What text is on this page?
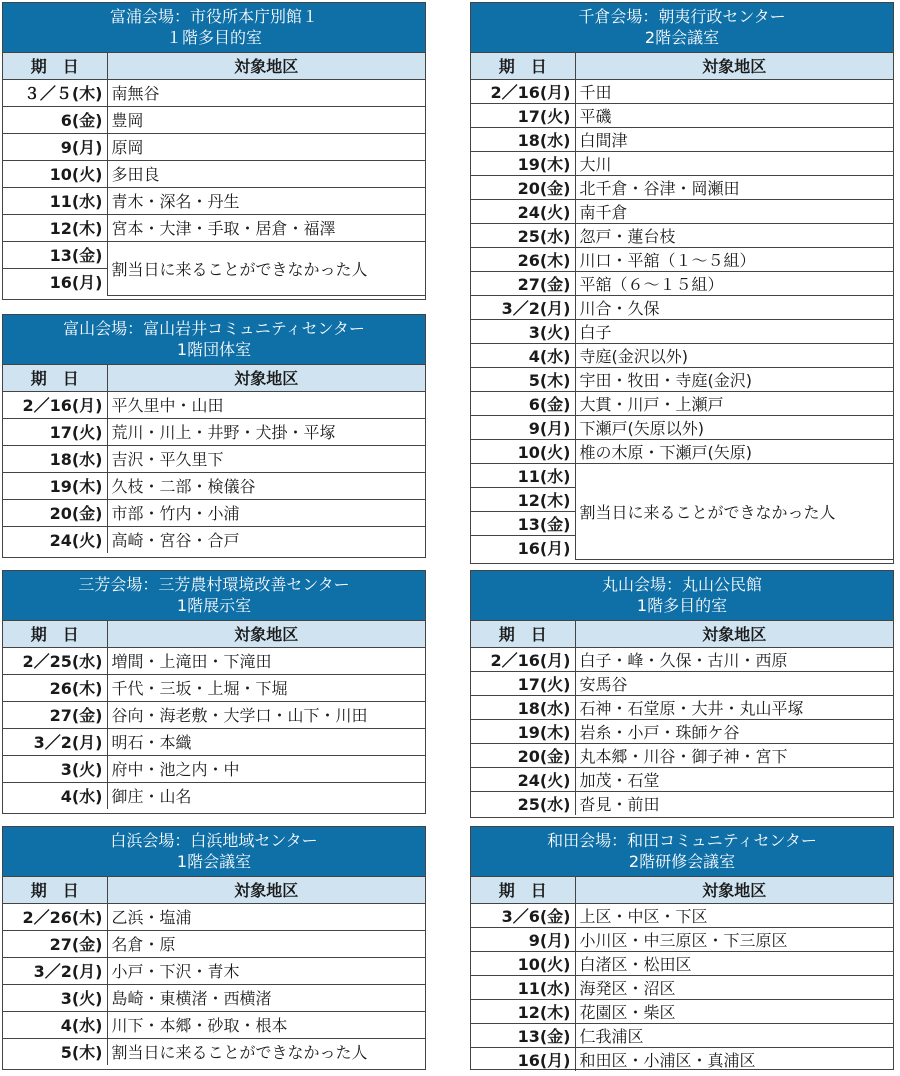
富浦会場：市役所本庁別館１
１階多目的室
期　日	対象地区
３／５(木)	南無谷
6(金)	豊岡
9(月)	原岡
10(火)	多田良
11(水)	青木・深名・丹生
12(木)	宮本・大津・手取・居倉・福澤
13(金)	割当日に来ることができなかった人
16(月)	
富山会場：富山岩井コミュニティセンター
1階団体室
期　日	対象地区
2／16(月)	平久里中・山田
17(火)	荒川・川上・井野・犬掛・平塚
18(水)	吉沢・平久里下
19(木)	久枝・二部・検儀谷
20(金)	市部・竹内・小浦
24(火)	高崎・宮谷・合戸
三芳会場：三芳農村環境改善センター
1階展示室
期　日	対象地区
2／25(水)	増間・上滝田・下滝田
26(木)	千代・三坂・上堀・下堀
27(金)	谷向・海老敷・大学口・山下・川田
3／2(月)	明石・本織
3(火)	府中・池之内・中
4(水)	御庄・山名
白浜会場：白浜地域センター
1階会議室
期　日	対象地区
2／26(木)	乙浜・塩浦
27(金)	名倉・原
3／2(月)	小戸・下沢・青木
3(火)	島崎・東横渚・西横渚
4(水)	川下・本郷・砂取・根本
5(木)	割当日に来ることができなかった人
千倉会場：朝夷行政センター
2階会議室
期　日	対象地区
2／16(月)	千田
17(火)	平磯
18(水)	白間津
19(木)	大川
20(金)	北千倉・谷津・岡瀬田
24(火)	南千倉
25(水)	忽戸・蓮台枝
26(木)	川口・平舘（１～５組）
27(金)	平舘（６～１５組）
3／2(月)	川合・久保
3(火)	白子
4(水)	寺庭(金沢以外)
5(木)	宇田・牧田・寺庭(金沢)
6(金)	大貫・川戸・上瀬戸
9(月)	下瀬戸(矢原以外)
10(火)	椎の木原・下瀬戸(矢原)
11(水)	割当日に来ることができなかった人
12(木)	
13(金)	
16(月)	
丸山会場：丸山公民館
1階多目的室
期　日	対象地区
2／16(月)	白子・峰・久保・古川・西原
17(火)	安馬谷
18(水)	石神・石堂原・大井・丸山平塚
19(木)	岩糸・小戸・珠師ケ谷
20(金)	丸本郷・川谷・御子神・宮下
24(火)	加茂・石堂
25(水)	沓見・前田
和田会場：和田コミュニティセンター
2階研修会議室
期　日	対象地区
3／6(金)	上区・中区・下区
9(月)	小川区・中三原区・下三原区
10(火)	白渚区・松田区
11(水)	海発区・沼区
12(木)	花園区・柴区
13(金)	仁我浦区
16(月)	和田区・小浦区・真浦区
